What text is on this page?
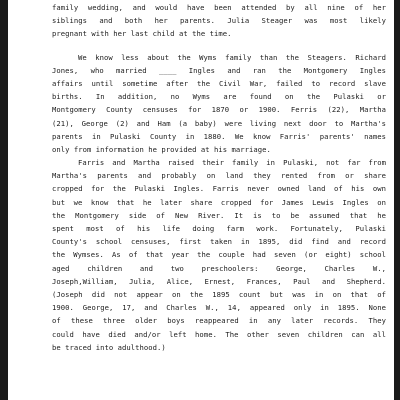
family wedding, and would have been attended by all nine of her
siblings and both her parents. Julia Steager was most likely
pregnant with her last child at the time.
We know less about the Wyms family than the Steagers. Richard
Jones, who married ____ Ingles and ran the Montgomery Ingles
affairs until sometime after the Civil War, failed to record slave
births. In addition, no Wyms are found on the Pulaski or
Montgomery County censuses for 1870 or 1900. Ferris (22), Martha
(21), George (2) and Ham (a baby) were living next door to Martha's
parents in Pulaski County in 1880. We know Farris' parents' names
only from information he provided at his marriage.
Farris and Martha raised their family in Pulaski, not far from
Martha's parents and probably on land they rented from or share
cropped for the Pulaski Ingles. Farris never owned land of his own
but we know that he later share cropped for James Lewis Ingles on
the Montgomery side of New River. It is to be assumed that he
spent most of his life doing farm work. Fortunately, Pulaski
County's school censuses, first taken in 1895, did find and record
the Wymses. As of that year the couple had seven (or eight) school
aged children and two preschoolers: George, Charles W.,
Joseph,William, Julia, Alice, Ernest, Frances, Paul and Shepherd.
(Joseph did not appear on the 1895 count but was in on that of
1900. George, 17, and Charles W., 14, appeared only in 1895. None
of these three older boys reappeared in any later records. They
could have died and/or left home. The other seven children can all
be traced into adulthood.)
